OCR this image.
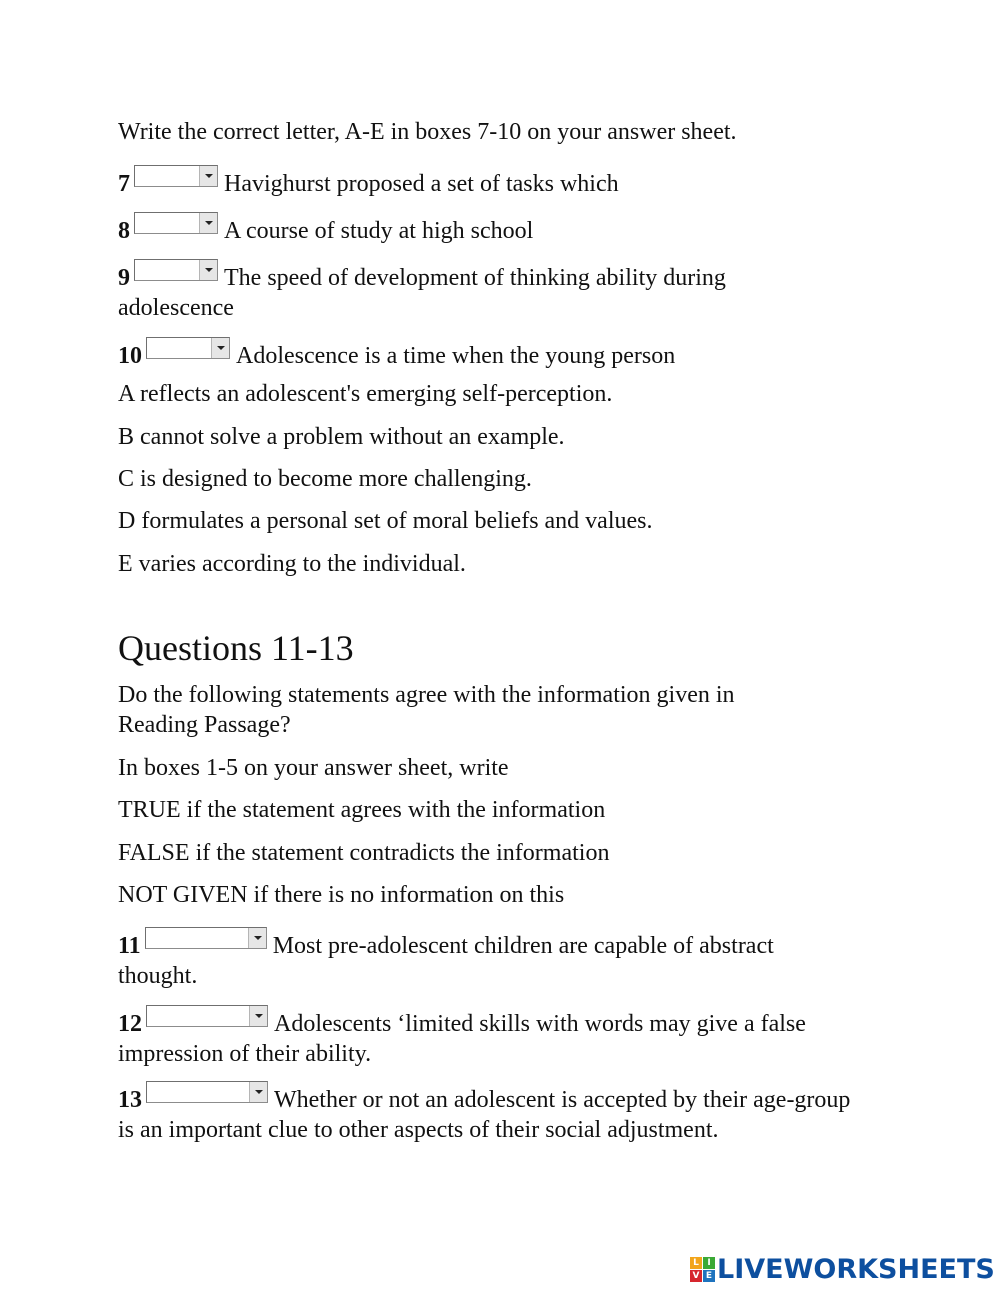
Write the correct letter, A-E in boxes 7-10 on your answer sheet.
7	Havighurst proposed a set of tasks which
8	A course of study at high school
9	The speed of development of thinking ability during adolescence
10	Adolescence is a time when the young person
A reflects an adolescent's emerging self-perception.
B cannot solve a problem without an example.
C is designed to become more challenging.
D formulates a personal set of moral beliefs and values.
E varies according to the individual.
Questions 11-13
Do the following statements agree with the information given in Reading Passage?
In boxes 1-5 on your answer sheet, write
TRUE if the statement agrees with the information
FALSE if the statement contradicts the information
NOT GIVEN if there is no information on this
11	Most pre-adolescent children are capable of abstract thought.
12	Adolescents ‘limited skills with words may give a false impression of their ability.
13	Whether or not an adolescent is accepted by their age-group is an important clue to other aspects of their social adjustment.
L I
V E LIVEWORKSHEETS
